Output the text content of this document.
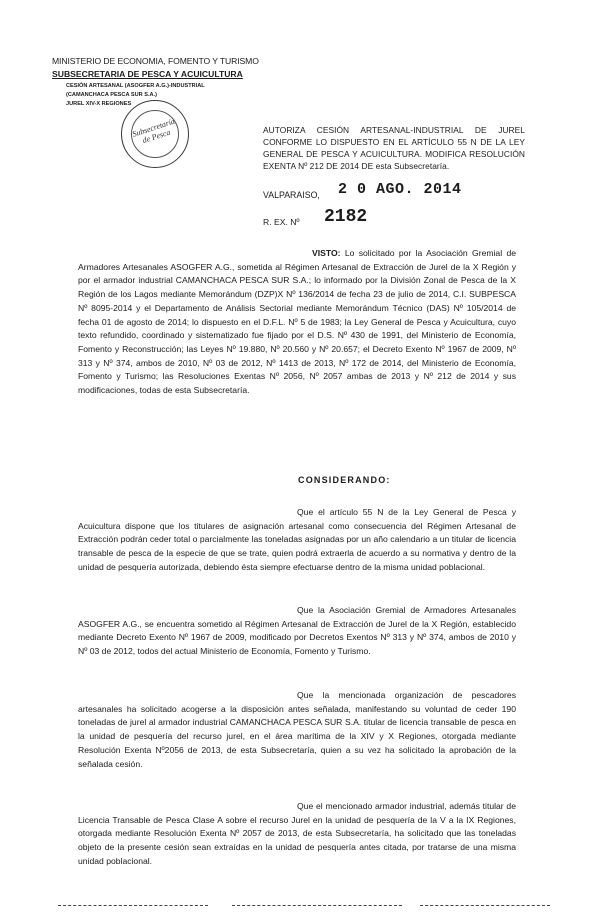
MINISTERIO DE ECONOMIA, FOMENTO Y TURISMO
SUBSECRETARIA DE PESCA Y ACUICULTURA
CESIÓN ARTESANAL (ASOGFER A.G.)-INDUSTRIAL
(CAMANCHACA PESCA SUR S.A.)
JUREL XIV-X REGIONES
Subsecretaría de Pesca	AUTORIZA CESIÓN ARTESANAL-INDUSTRIAL DE JUREL CONFORME LO DISPUESTO EN EL ARTÍCULO 55 N DE LA LEY GENERAL DE PESCA Y ACUICULTURA. MODIFICA RESOLUCIÓN EXENTA Nº 212 DE 2014 DE esta Subsecretaría.
VALPARAISO, 2 0 AGO. 2014
R. EX. Nº 2182
VISTO: Lo solicitado por la Asociación Gremial de Armadores Artesanales ASOGFER A.G., sometida al Régimen Artesanal de Extracción de Jurel de la X Región y por el armador industrial CAMANCHACA PESCA SUR S.A.; lo informado por la División Zonal de Pesca de la X Región de los Lagos mediante Memorándum (DZP)X Nº 136/2014 de fecha 23 de julio de 2014, C.I. SUBPESCA Nº 8095-2014 y el Departamento de Análisis Sectorial mediante Memorándum Técnico (DAS) Nº 105/2014 de fecha 01 de agosto de 2014; lo dispuesto en el D.F.L. Nº 5 de 1983; la Ley General de Pesca y Acuicultura, cuyo texto refundido, coordinado y sistematizado fue fijado por el D.S. Nº 430 de 1991, del Ministerio de Economía, Fomento y Reconstrucción; las Leyes Nº 19.880, Nº 20.560 y Nº 20.657; el Decreto Exento Nº 1967 de 2009, Nº 313 y Nº 374, ambos de 2010, Nº 03 de 2012, Nº 1413 de 2013, Nº 172 de 2014, del Ministerio de Economía, Fomento y Turismo; las Resoluciones Exentas Nº 2056, Nº 2057 ambas de 2013 y Nº 212 de 2014 y sus modificaciones, todas de esta Subsecretaría.
CONSIDERANDO:
Que el artículo 55 N de la Ley General de Pesca y Acuicultura dispone que los titulares de asignación artesanal como consecuencia del Régimen Artesanal de Extracción podrán ceder total o parcialmente las toneladas asignadas por un año calendario a un titular de licencia transable de pesca de la especie de que se trate, quien podrá extraerla de acuerdo a su normativa y dentro de la unidad de pesquería autorizada, debiendo ésta siempre efectuarse dentro de la misma unidad poblacional.
Que la Asociación Gremial de Armadores Artesanales ASOGFER A.G., se encuentra sometido al Régimen Artesanal de Extracción de Jurel de la X Región, establecido mediante Decreto Exento Nº 1967 de 2009, modificado por Decretos Exentos Nº 313 y Nº 374, ambos de 2010 y Nº 03 de 2012, todos del actual Ministerio de Economía, Fomento y Turismo.
Que la mencionada organización de pescadores artesanales ha solicitado acogerse a la disposición antes señalada, manifestando su voluntad de ceder 190 toneladas de jurel al armador industrial CAMANCHACA PESCA SUR S.A. titular de licencia transable de pesca en la unidad de pesquería del recurso jurel, en el área marítima de la XIV y X Regiones, otorgada mediante Resolución Exenta Nº2056 de 2013, de esta Subsecretaría, quien a su vez ha solicitado la aprobación de la señalada cesión.
Que el mencionado armador industrial, además titular de Licencia Transable de Pesca Clase A sobre el recurso Jurel en la unidad de pesquería de la V a la IX Regiones, otorgada mediante Resolución Exenta Nº 2057 de 2013, de esta Subsecretaría, ha solicitado que las toneladas objeto de la presente cesión sean extraídas en la unidad de pesquería antes citada, por tratarse de una misma unidad poblacional.
